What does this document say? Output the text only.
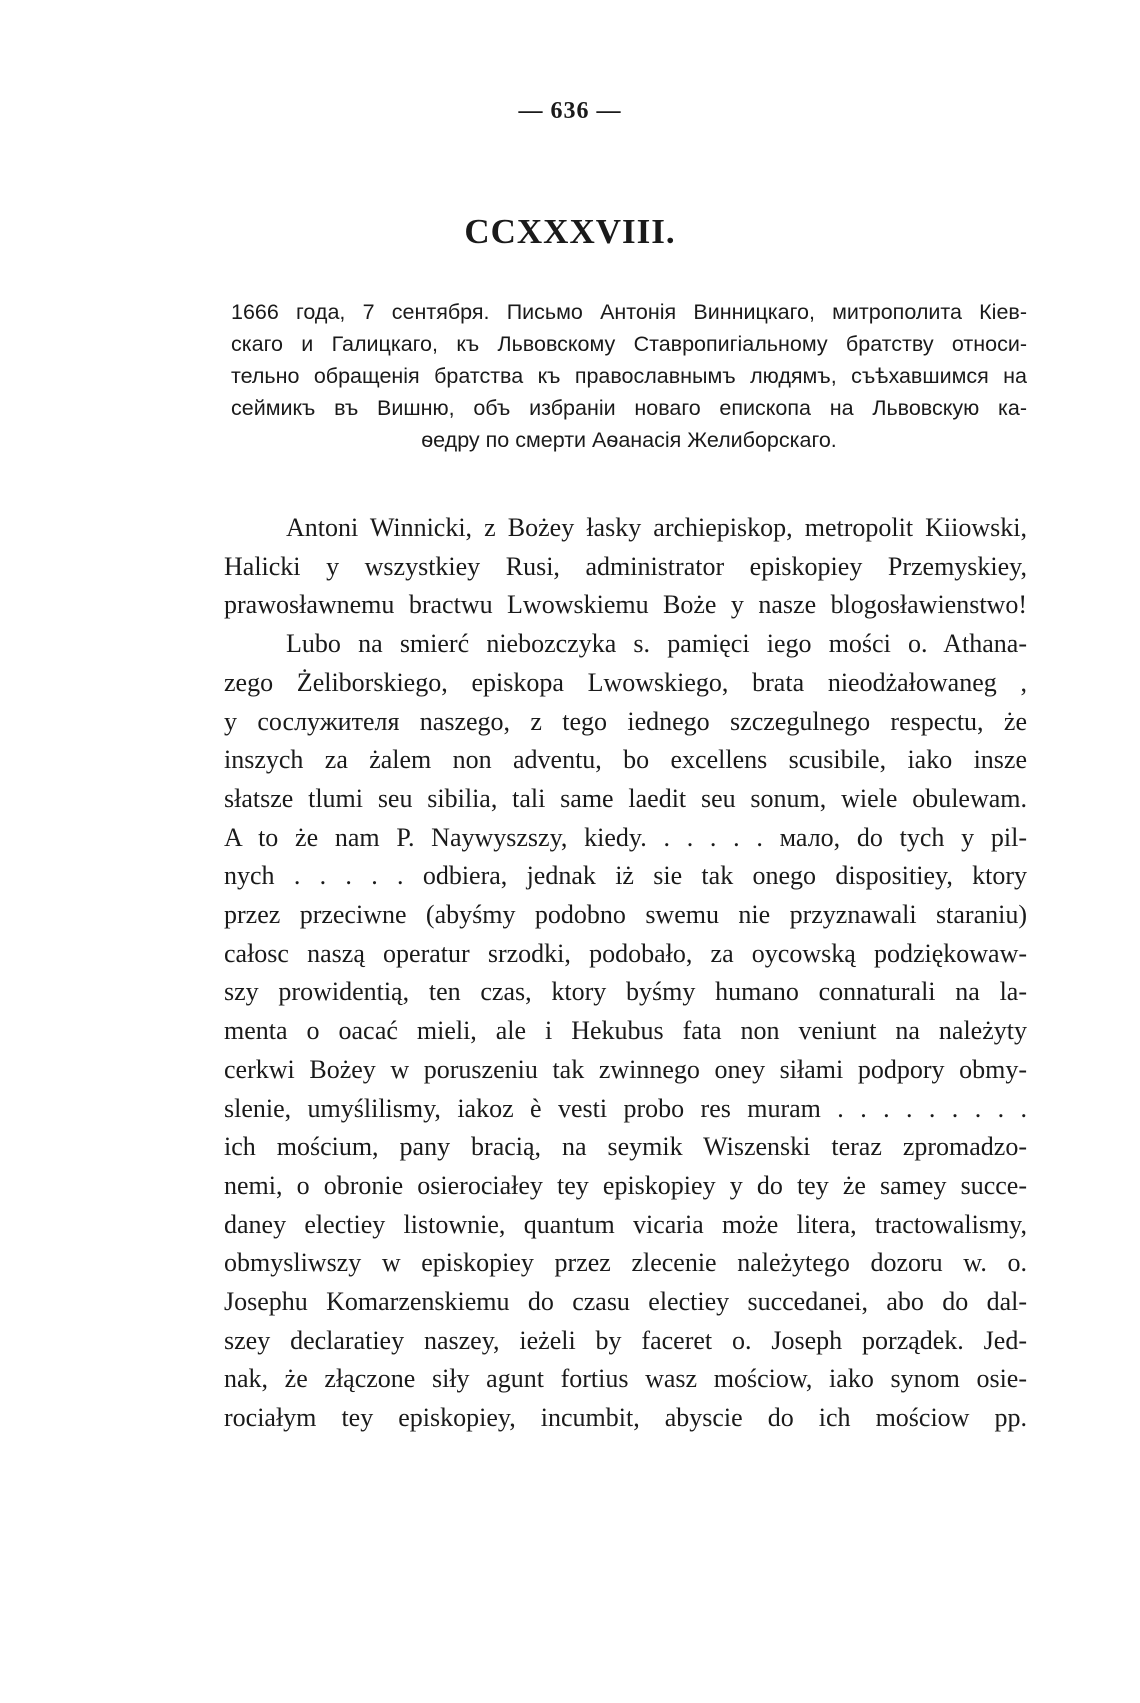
— 636 —
CCXXXVIII.
1666 года, 7 сентября. Письмо Антонія Винницкаго, митрополита Кіев-
скаго и Галицкаго, къ Львовскому Ставропигіальному братству относи-
тельно обращенія братства къ православнымъ людямъ, съѣхавшимся на
сеймикъ въ Вишню, объ избраніи новаго епископа на Львовскую ка-
ѳедру по смерти Аѳанасія Желиборскаго.
Antoni Winnicki, z Bożey łasky archiepiskop, metropolit Kiiowski,
Halicki y wszystkiey Rusi, administrator episkopiey Przemyskiey,
prawosławnemu bractwu Lwowskiemu Boże y nasze blogosławienstwo!
Lubo na smierć niebozczyka s. pamięci iego mości o. Athana-
zego Żeliborskiego, episkopa Lwowskiego, brata nieodżałowaneg ,
y сослужителя naszego, z tego iednego szczegulnego respectu, że
inszych za żalem non adventu, bo excellens scusibile, iako insze
słatsze tlumi seu sibilia, tali same laedit seu sonum, wiele obulewam.
A to że nam P. Naywyszszy, kiedy. . . . . . мало, do tych y pil-
nych . . . . . odbiera, jednak iż sie tak onego dispositiey, ktory
przez przeciwne (abyśmy podobno swemu nie przyznawali staraniu)
całosc naszą operatur srzodki, podobało, za oycowską podziękowaw-
szy prowidentią, ten czas, ktory byśmy humano connaturali na la-
menta o oасаć mieli, ale i Hekubus fata non veniunt na należyty
cerkwi Bożey w poruszeniu tak zwinnego oney siłami podpory obmy-
slenie, umyślilismy, iakoz è vesti probo res muram . . . . . . . . .
ich mościum, pany bracią, na seymik Wiszenski teraz zpromadzo-
nemi, o obronie osierociałey tey episkopiey y do tey że samey succe-
daney electiey listownie, quantum vicaria może litera, tractowalismy,
obmysliwszy w episkopiey przez zlecenie należytego dozoru w. o.
Josephu Komarzenskiemu do czasu electiey succedanei, abo do dal-
szey declaratiey naszey, ieżeli by faceret o. Joseph porządek. Jed-
nak, że złączone siły agunt fortius wasz mościow, iako synom osie-
rociałym tey episkopiey, incumbit, abyscie do ich mościow pp.
